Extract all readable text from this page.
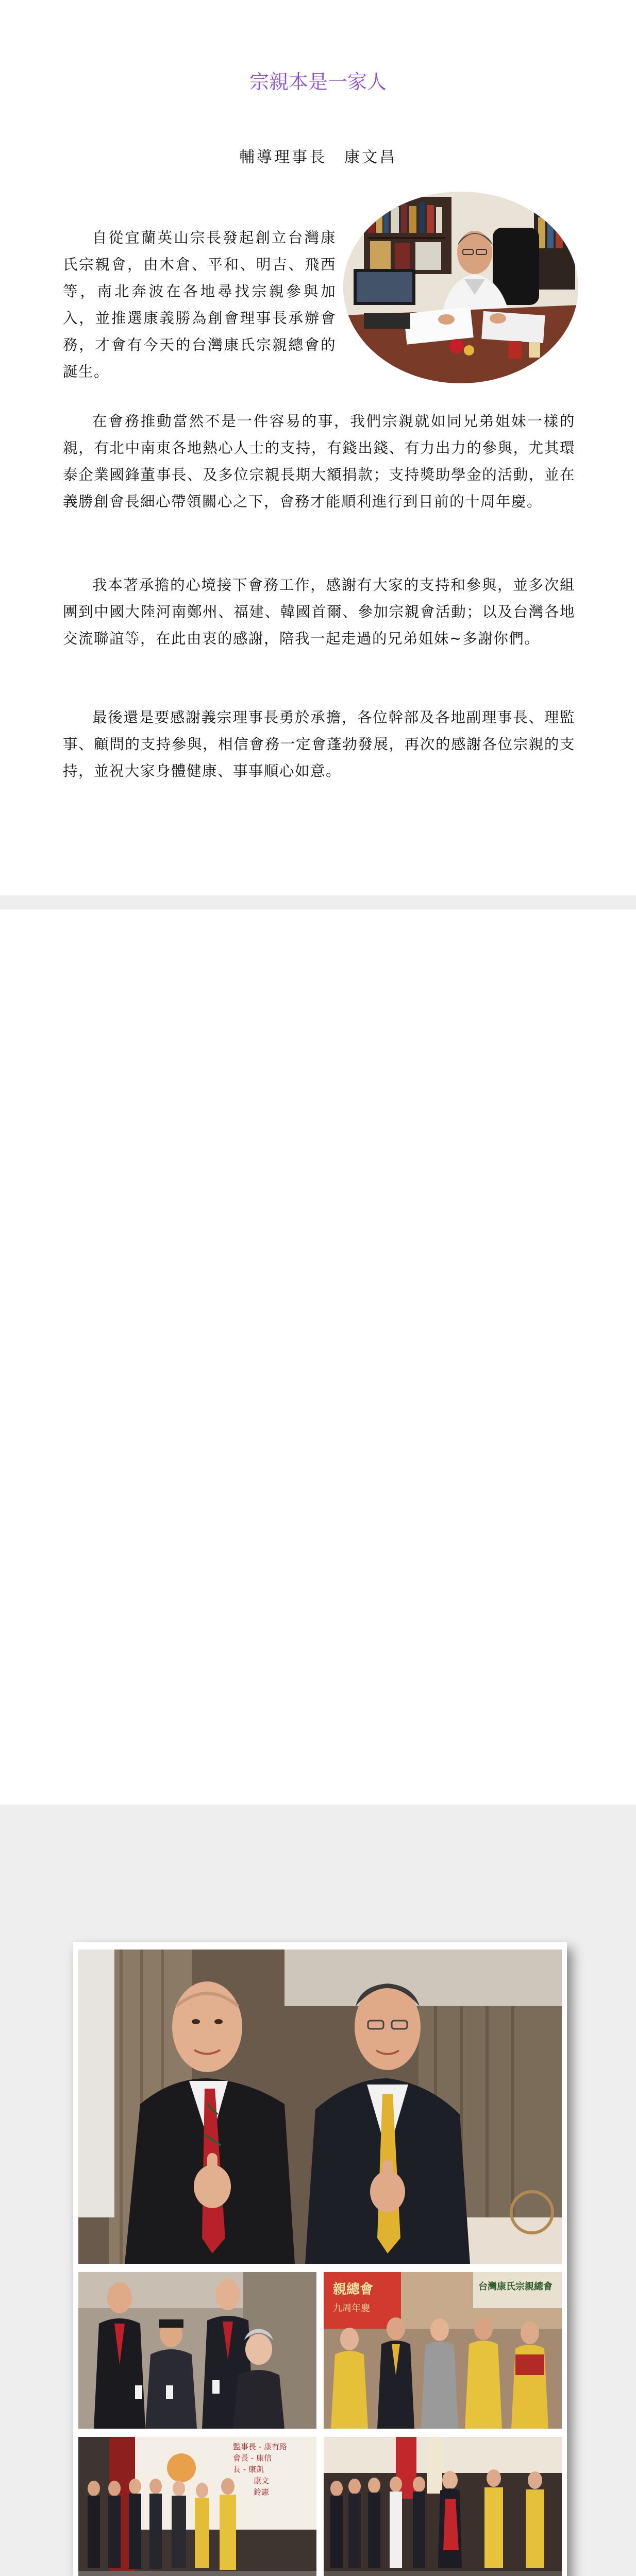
宗親本是一家人
輔導理事長 康文昌

自從宜蘭英山宗長發起創立台灣康氏宗親會，由木倉、平和、明吉、飛西等，南北奔波在各地尋找宗親參與加入，並推選康義勝為創會理事長承辦會務，才會有今天的台灣康氏宗親總會的誕生。

在會務推動當然不是一件容易的事，我們宗親就如同兄弟姐妹一樣的親，有北中南東各地熱心人士的支持，有錢出錢、有力出力的參與，尤其環泰企業國鋒董事長、及多位宗親長期大額捐款；支持獎助學金的活動，並在義勝創會長細心帶領關心之下，會務才能順利進行到目前的十周年慶。

我本著承擔的心境接下會務工作，感謝有大家的支持和參與，並多次組團到中國大陸河南鄭州、福建、韓國首爾、參加宗親會活動；以及台灣各地交流聯誼等，在此由衷的感謝，陪我一起走過的兄弟姐妹~多謝你們。

最後還是要感謝義宗理事長勇於承擔，各位幹部及各地副理事長、理監事、顧問的支持參與，相信會務一定會蓬勃發展，再次的感謝各位宗親的支持，並祝大家身體健康、事事順心如意。

親總會
九周年慶
台灣康氏宗親總會
監事長 - 康有路
會長 - 康信
長 - 康凱
康文
鈴憲
